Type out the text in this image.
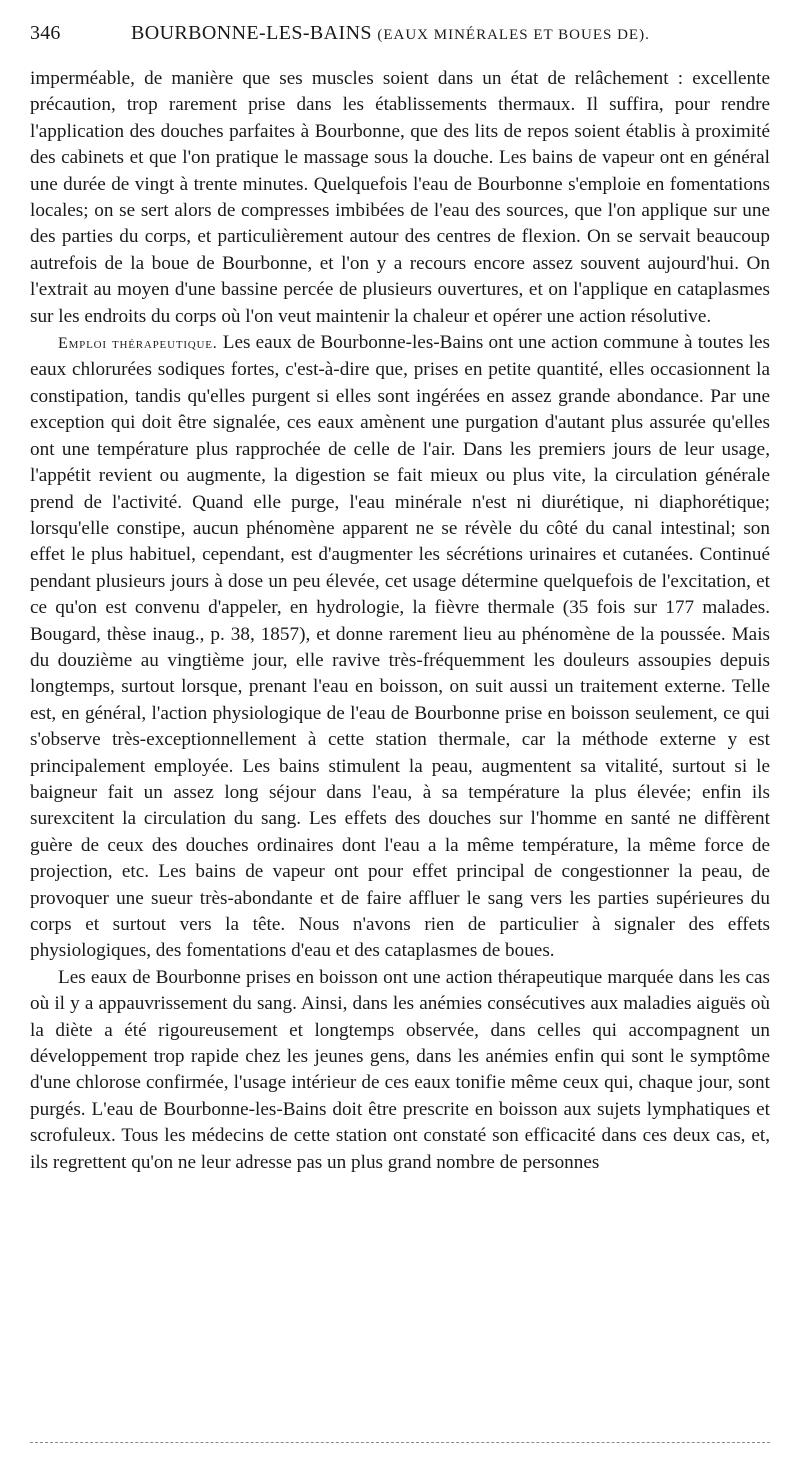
346	BOURBONNE-LES-BAINS (EAUX MINÉRALES ET BOUES DE).

imperméable, de manière que ses muscles soient dans un état de relâchement : excellente précaution, trop rarement prise dans les établissements thermaux. Il suffira, pour rendre l'application des douches parfaites à Bourbonne, que des lits de repos soient établis à proximité des cabinets et que l'on pratique le massage sous la douche. Les bains de vapeur ont en général une durée de vingt à trente minutes. Quelquefois l'eau de Bourbonne s'emploie en fomentations locales; on se sert alors de compresses imbibées de l'eau des sources, que l'on applique sur une des parties du corps, et particulièrement autour des centres de flexion. On se servait beaucoup autrefois de la boue de Bourbonne, et l'on y a recours encore assez souvent aujourd'hui. On l'extrait au moyen d'une bassine percée de plusieurs ouvertures, et on l'applique en cataplasmes sur les endroits du corps où l'on veut maintenir la chaleur et opérer une action résolutive.

Emploi thérapeutique. Les eaux de Bourbonne-les-Bains ont une action commune à toutes les eaux chlorurées sodiques fortes, c'est-à-dire que, prises en petite quantité, elles occasionnent la constipation, tandis qu'elles purgent si elles sont ingérées en assez grande abondance. Par une exception qui doit être signalée, ces eaux amènent une purgation d'autant plus assurée qu'elles ont une température plus rapprochée de celle de l'air. Dans les premiers jours de leur usage, l'appétit revient ou augmente, la digestion se fait mieux ou plus vite, la circulation générale prend de l'activité. Quand elle purge, l'eau minérale n'est ni diurétique, ni diaphorétique; lorsqu'elle constipe, aucun phénomène apparent ne se révèle du côté du canal intestinal; son effet le plus habituel, cependant, est d'augmenter les sécrétions urinaires et cutanées. Continué pendant plusieurs jours à dose un peu élevée, cet usage détermine quelquefois de l'excitation, et ce qu'on est convenu d'appeler, en hydrologie, la fièvre thermale (35 fois sur 177 malades. Bougard, thèse inaug., p. 38, 1857), et donne rarement lieu au phénomène de la poussée. Mais du douzième au vingtième jour, elle ravive très-fréquemment les douleurs assoupies depuis longtemps, surtout lorsque, prenant l'eau en boisson, on suit aussi un traitement externe. Telle est, en général, l'action physiologique de l'eau de Bourbonne prise en boisson seulement, ce qui s'observe très-exceptionnellement à cette station thermale, car la méthode externe y est principalement employée. Les bains stimulent la peau, augmentent sa vitalité, surtout si le baigneur fait un assez long séjour dans l'eau, à sa température la plus élevée; enfin ils surexcitent la circulation du sang. Les effets des douches sur l'homme en santé ne diffèrent guère de ceux des douches ordinaires dont l'eau a la même température, la même force de projection, etc. Les bains de vapeur ont pour effet principal de congestionner la peau, de provoquer une sueur très-abondante et de faire affluer le sang vers les parties supérieures du corps et surtout vers la tête. Nous n'avons rien de particulier à signaler des effets physiologiques, des fomentations d'eau et des cataplasmes de boues.

Les eaux de Bourbonne prises en boisson ont une action thérapeutique marquée dans les cas où il y a appauvrissement du sang. Ainsi, dans les anémies consécutives aux maladies aiguës où la diète a été rigoureusement et longtemps observée, dans celles qui accompagnent un développement trop rapide chez les jeunes gens, dans les anémies enfin qui sont le symptôme d'une chlorose confirmée, l'usage intérieur de ces eaux tonifie même ceux qui, chaque jour, sont purgés. L'eau de Bourbonne-les-Bains doit être prescrite en boisson aux sujets lymphatiques et scrofuleux. Tous les médecins de cette station ont constaté son efficacité dans ces deux cas, et, ils regrettent qu'on ne leur adresse pas un plus grand nombre de personnes
